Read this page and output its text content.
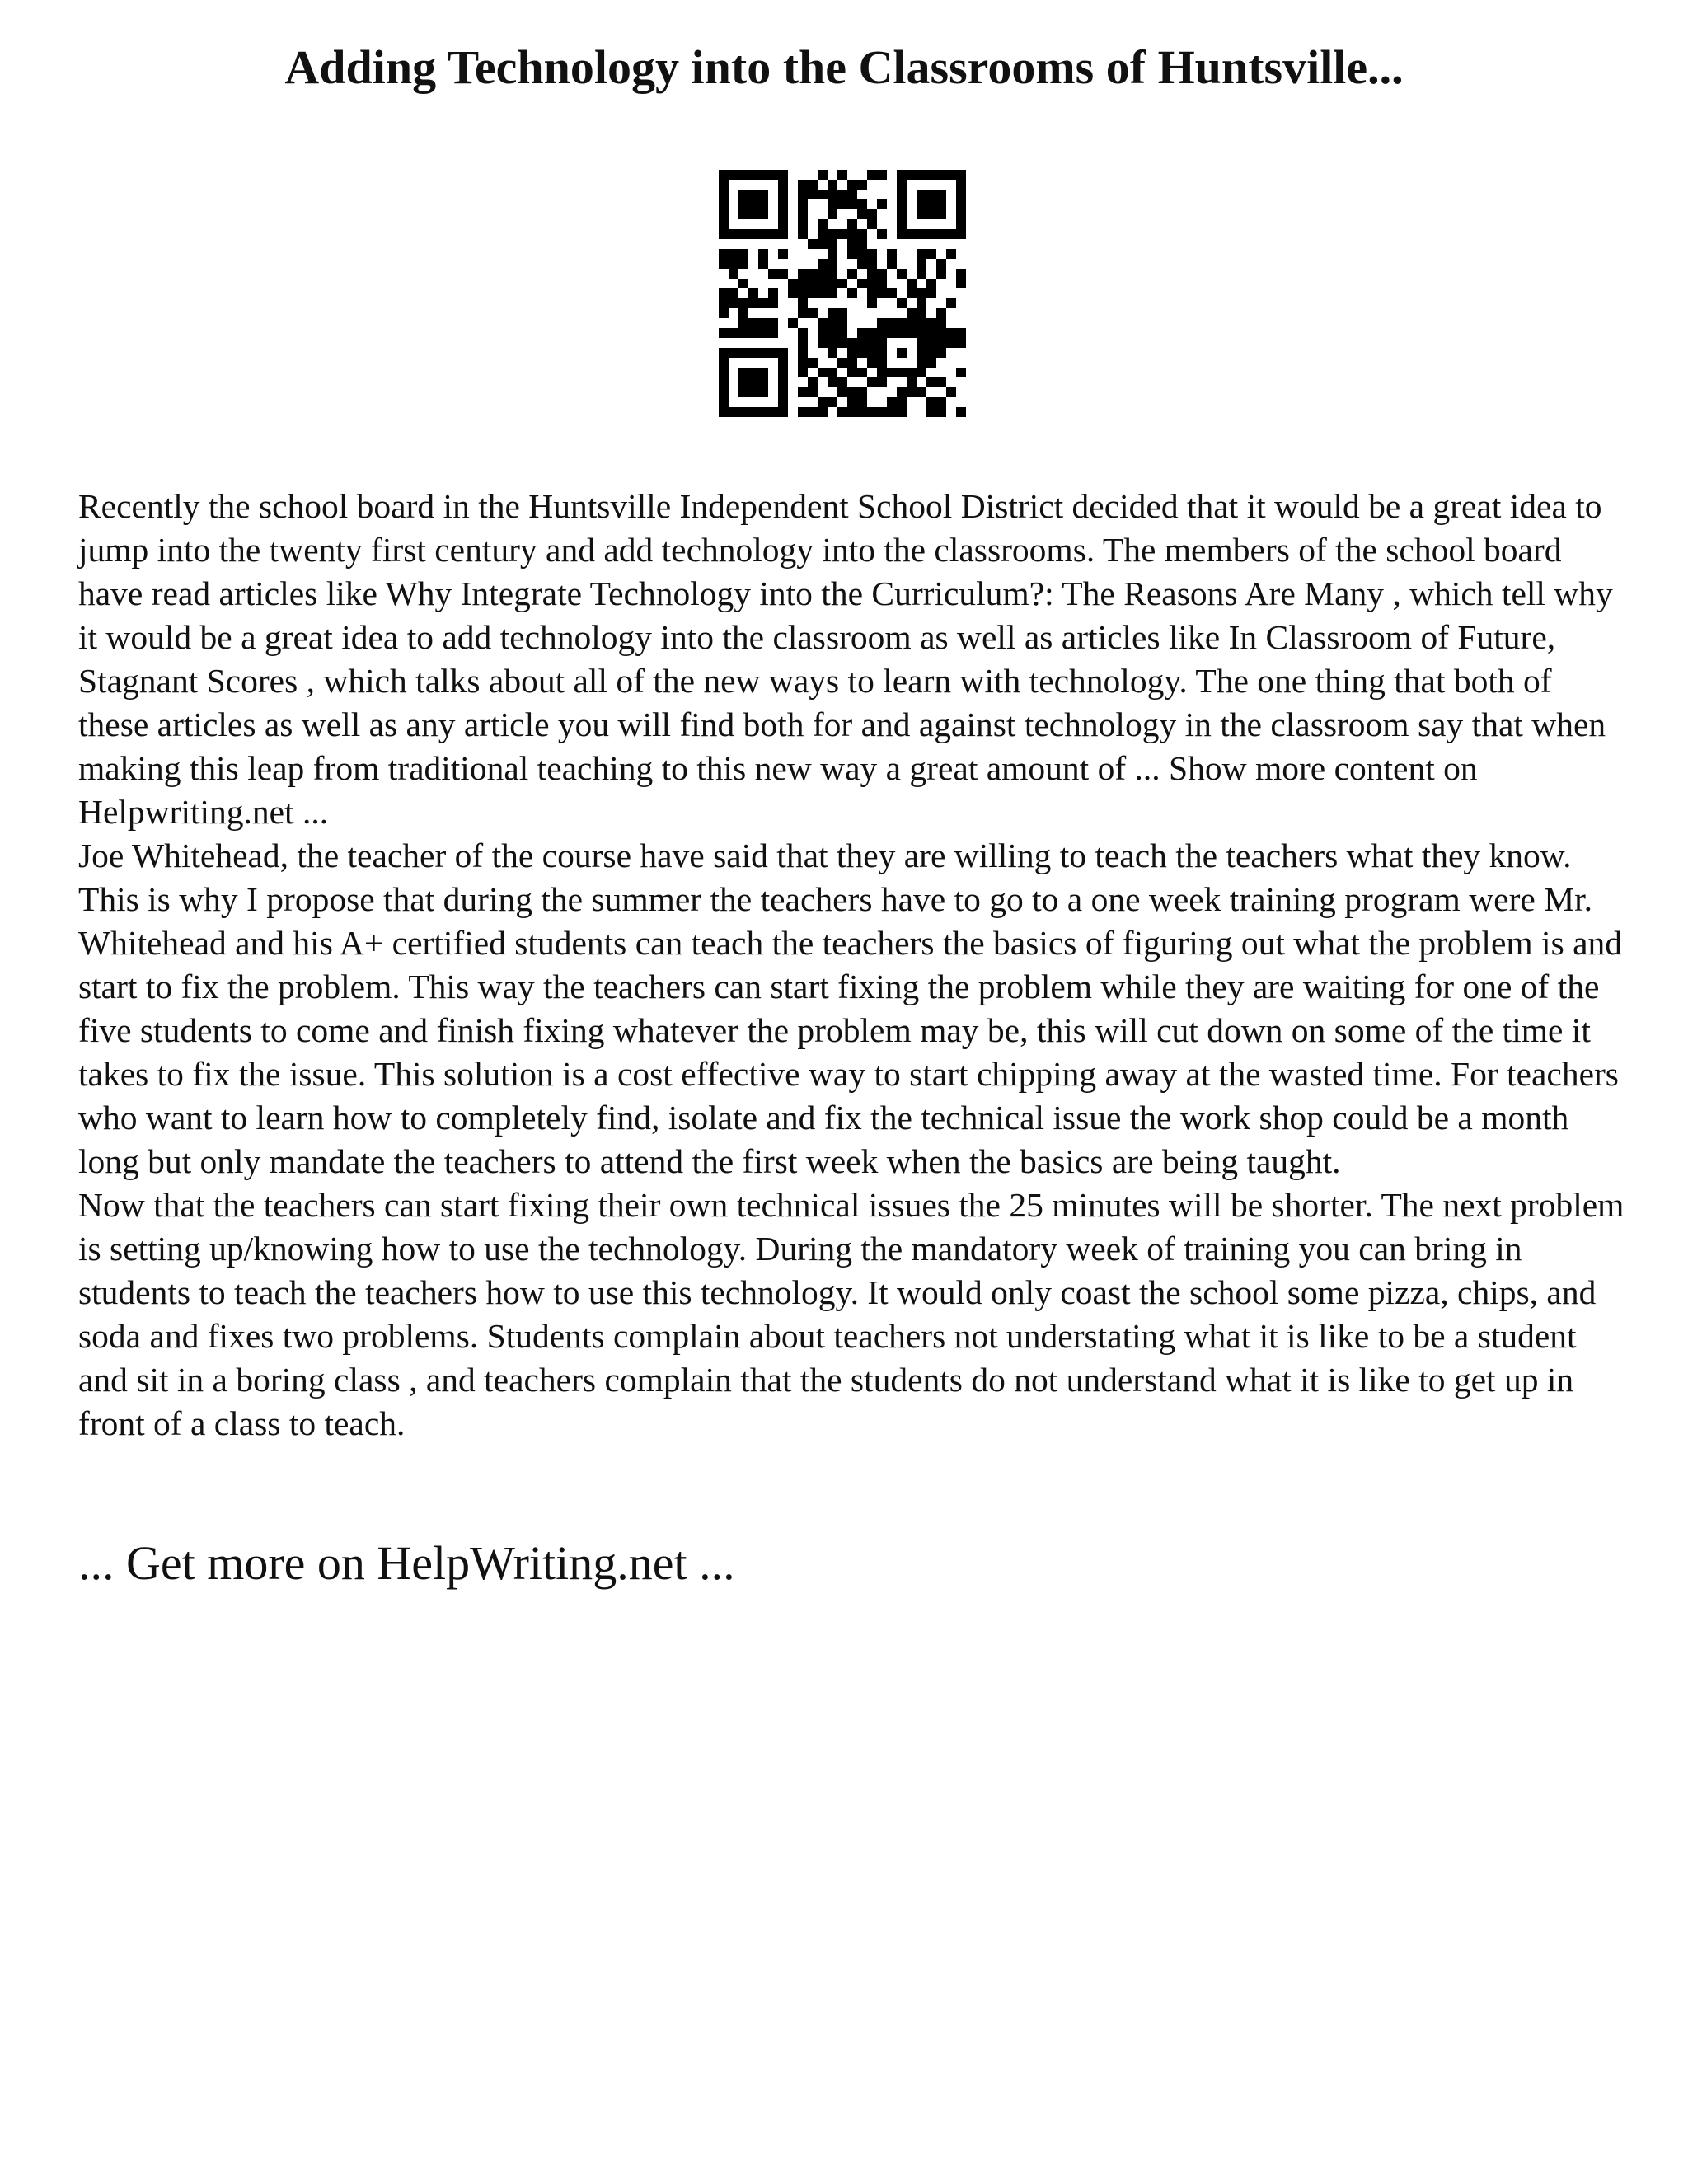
Adding Technology into the Classrooms of Huntsville...

Recently the school board in the Huntsville Independent School District decided that it would be a great idea to jump into the twenty first century and add technology into the classrooms. The members of the school board have read articles like Why Integrate Technology into the Curriculum?: The Reasons Are Many , which tell why it would be a great idea to add technology into the classroom as well as articles like In Classroom of Future, Stagnant Scores , which talks about all of the new ways to learn with technology. The one thing that both of these articles as well as any article you will find both for and against technology in the classroom say that when making this leap from traditional teaching to this new way a great amount of ... Show more content on Helpwriting.net ...

Joe Whitehead, the teacher of the course have said that they are willing to teach the teachers what they know. This is why I propose that during the summer the teachers have to go to a one week training program were Mr. Whitehead and his A+ certified students can teach the teachers the basics of figuring out what the problem is and start to fix the problem. This way the teachers can start fixing the problem while they are waiting for one of the five students to come and finish fixing whatever the problem may be, this will cut down on some of the time it takes to fix the issue. This solution is a cost effective way to start chipping away at the wasted time. For teachers who want to learn how to completely find, isolate and fix the technical issue the work shop could be a month long but only mandate the teachers to attend the first week when the basics are being taught.

Now that the teachers can start fixing their own technical issues the 25 minutes will be shorter. The next problem is setting up/knowing how to use the technology. During the mandatory week of training you can bring in students to teach the teachers how to use this technology. It would only coast the school some pizza, chips, and soda and fixes two problems. Students complain about teachers not understating what it is like to be a student and sit in a boring class , and teachers complain that the students do not understand what it is like to get up in front of a class to teach.

... Get more on HelpWriting.net ...
